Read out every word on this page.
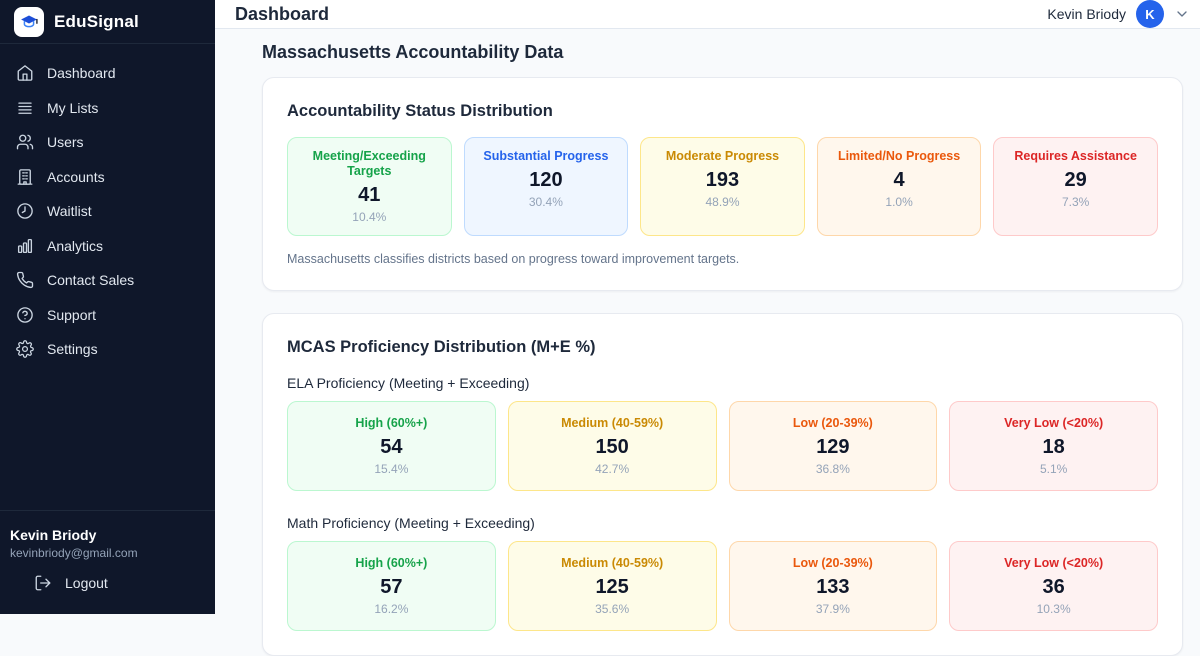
EduSignal
Dashboard
My Lists
Users
Accounts
Waitlist
Analytics
Contact Sales
Support
Settings
Kevin Briody
kevinbriody@gmail.com
Logout
Dashboard	Kevin Briody	K
Massachusetts Accountability Data
Accountability Status Distribution
Meeting/Exceeding Targets
41
10.4%
Substantial Progress
120
30.4%
Moderate Progress
193
48.9%
Limited/No Progress
4
1.0%
Requires Assistance
29
7.3%

Massachusetts classifies districts based on progress toward improvement targets.

MCAS Proficiency Distribution (M+E %)
ELA Proficiency (Meeting + Exceeding)
High (60%+)
54
15.4%
Medium (40-59%)
150
42.7%
Low (20-39%)
129
36.8%
Very Low (<20%)
18
5.1%
Math Proficiency (Meeting + Exceeding)
High (60%+)
57
16.2%
Medium (40-59%)
125
35.6%
Low (20-39%)
133
37.9%
Very Low (<20%)
36
10.3%
